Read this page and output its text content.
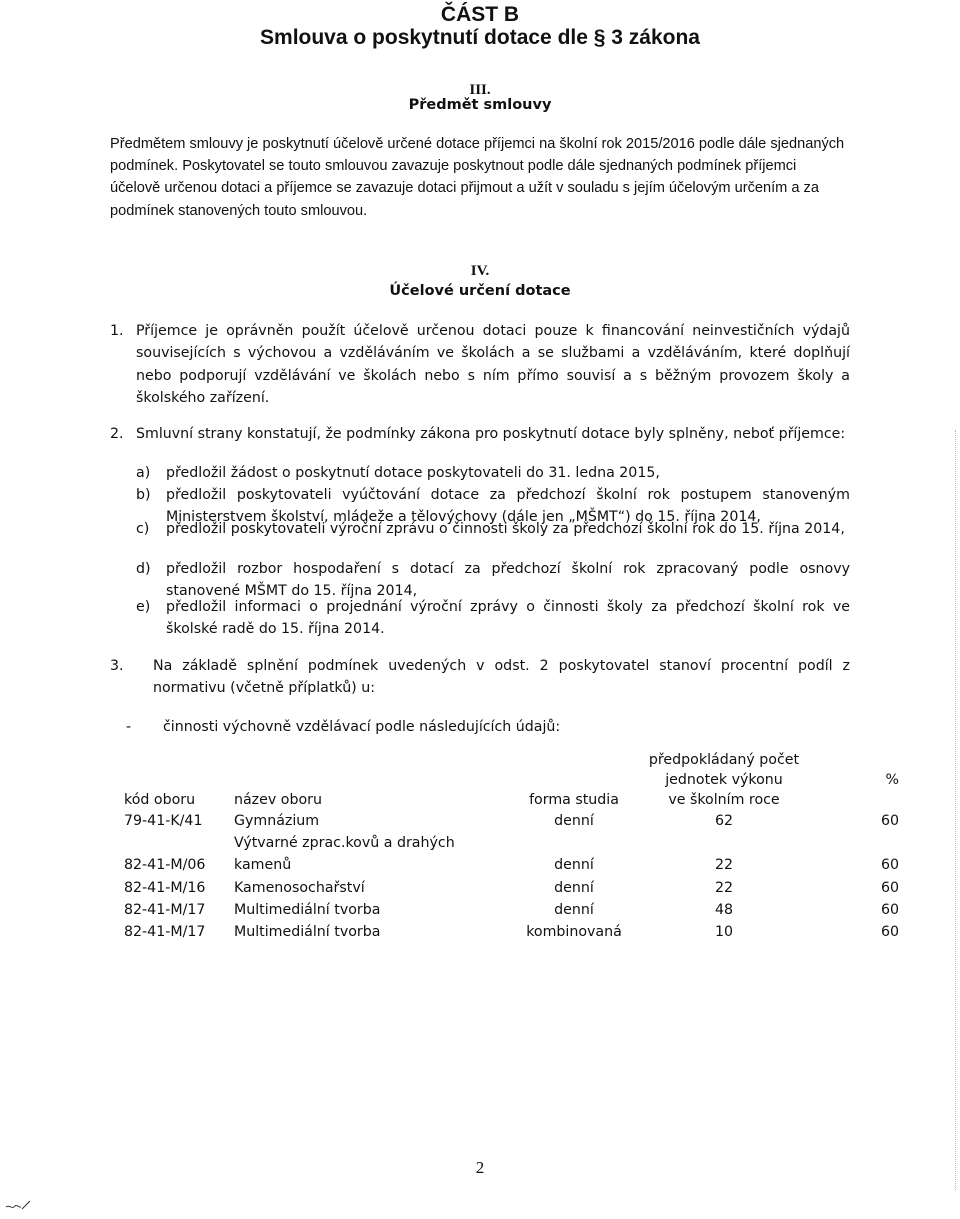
ČÁST B
Smlouva o poskytnutí dotace dle § 3 zákona
III.
Předmět smlouvy

Předmětem smlouvy je poskytnutí účelově určené dotace příjemci na školní rok 2015/2016 podle dále sjednaných podmínek. Poskytovatel se touto smlouvou zavazuje poskytnout podle dále sjednaných podmínek příjemci účelově určenou dotaci a příjemce se zavazuje dotaci přijmout a užít v souladu s jejím účelovým určením a za podmínek stanovených touto smlouvou.

IV.
Účelové určení dotace
1. Příjemce je oprávněn použít účelově určenou dotaci pouze k financování neinvestičních výdajů souvisejících s výchovou a vzděláváním ve školách a se službami a vzděláváním, které doplňují nebo podporují vzdělávání ve školách nebo s ním přímo souvisí a s běžným provozem školy a školského zařízení.

2. Smluvní strany konstatují, že podmínky zákona pro poskytnutí dotace byly splněny, neboť příjemce:

a) předložil žádost o poskytnutí dotace poskytovateli do 31. ledna 2015,

b) předložil poskytovateli vyúčtování dotace za předchozí školní rok postupem stanoveným Ministerstvem školství, mládeže a tělovýchovy (dále jen „MŠMT“) do 15. října 2014,

c) předložil poskytovateli výroční zprávu o činnosti školy za předchozí školní rok do 15. října 2014,

d) předložil rozbor hospodaření s dotací za předchozí školní rok zpracovaný podle osnovy stanovené MŠMT do 15. října 2014,

e) předložil informaci o projednání výroční zprávy o činnosti školy za předchozí školní rok ve školské radě do 15. října 2014.

3. Na základě splnění podmínek uvedených v odst. 2 poskytovatel stanoví procentní podíl z normativu (včetně příplatků) u:

- činnosti výchovně vzdělávací podle následujících údajů:

kód oboru	název oboru	forma studia	předpokládaný počet
jednotek výkonu
ve školním roce	%
79-41-K/41	Gymnázium	denní	62	60
82-41-M/06	Výtvarné zprac.kovů a drahých kamenů	denní	22	60
82-41-M/16	Kamenosochařství	denní	22	60
82-41-M/17	Multimediální tvorba	denní	48	60
82-41-M/17	Multimediální tvorba	kombinovaná	10	60
2
